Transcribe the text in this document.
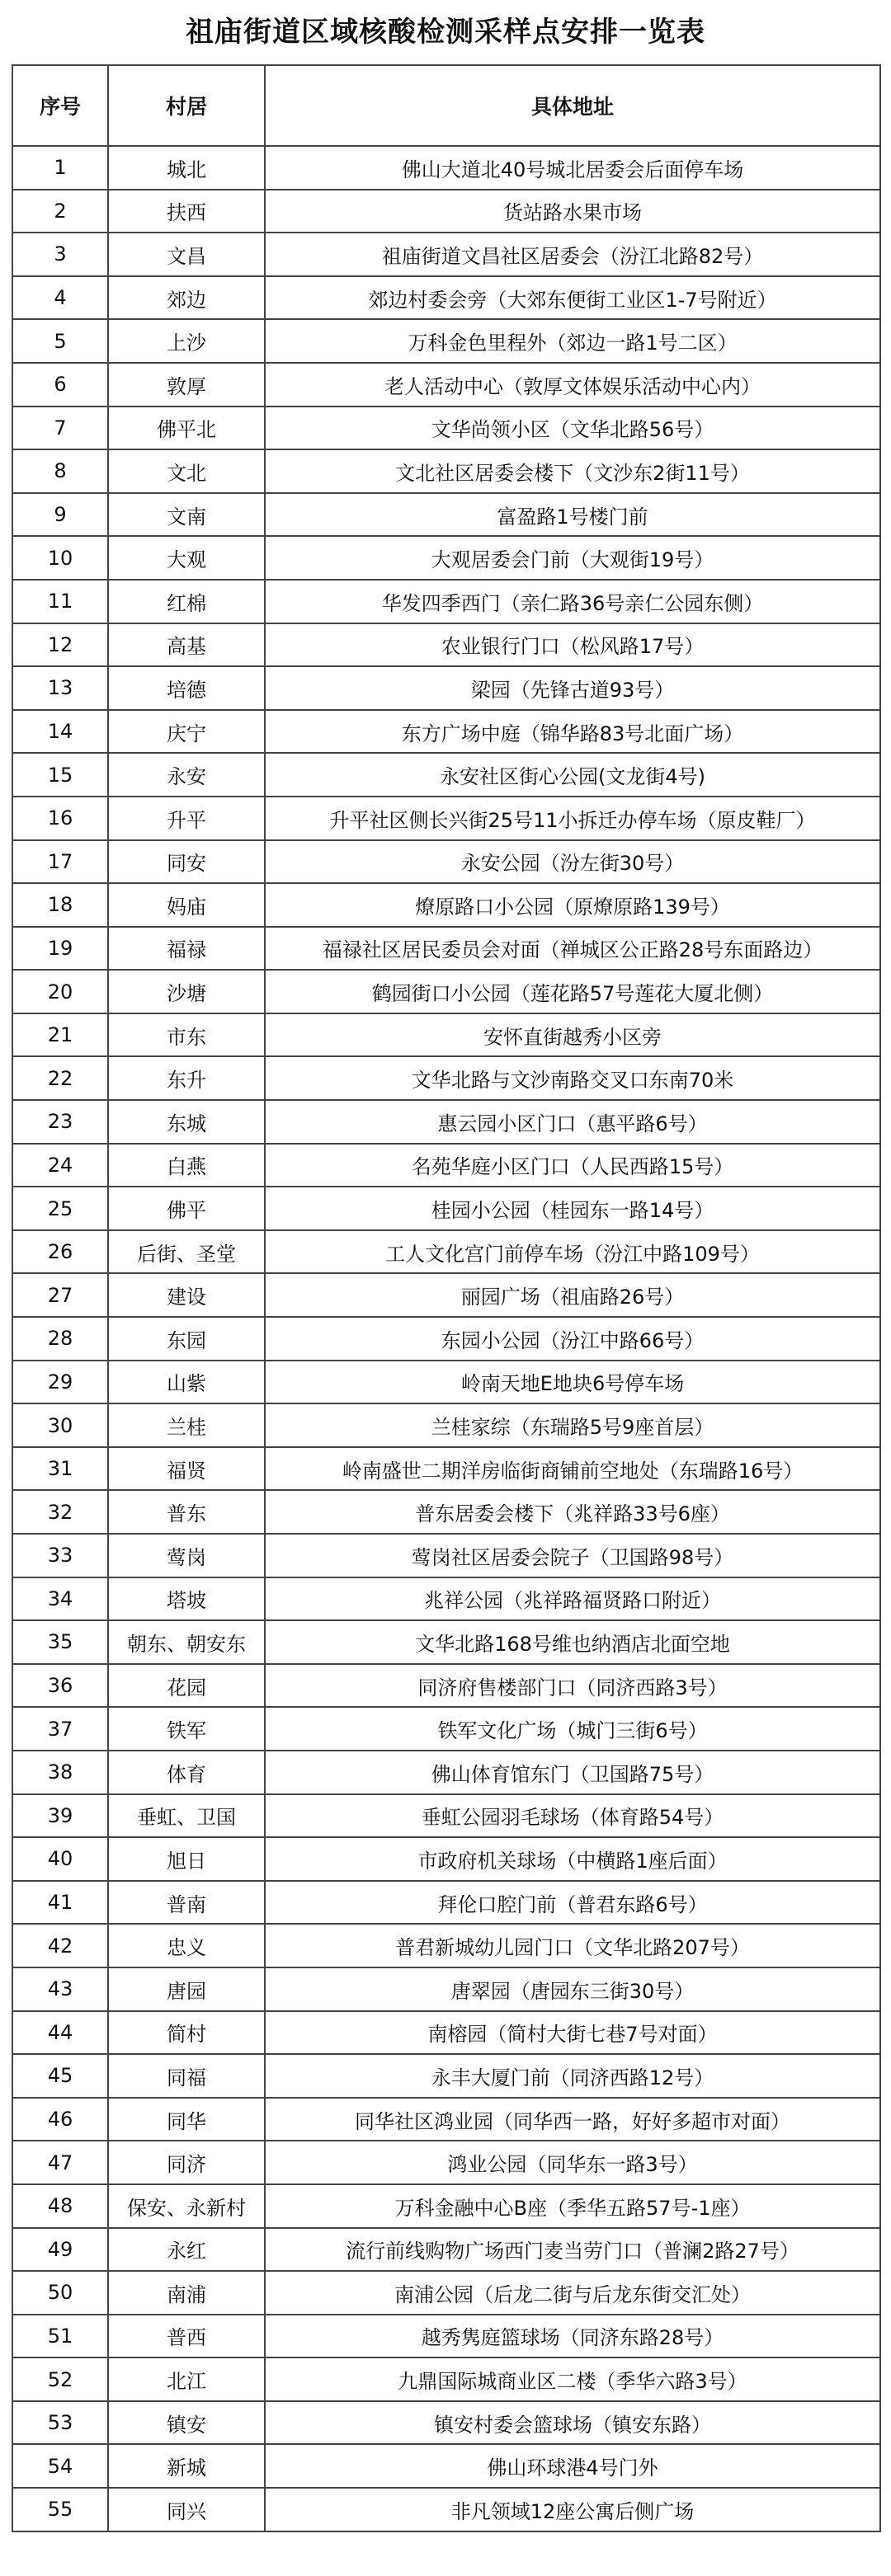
祖庙街道区域核酸检测采样点安排一览表
序号	村居	具体地址
1	城北	佛山大道北40号城北居委会后面停车场
2	扶西	货站路水果市场
3	文昌	祖庙街道文昌社区居委会（汾江北路82号）
4	郊边	郊边村委会旁（大郊东便街工业区1-7号附近）
5	上沙	万科金色里程外（郊边一路1号二区）
6	敦厚	老人活动中心（敦厚文体娱乐活动中心内）
7	佛平北	文华尚领小区（文华北路56号）
8	文北	文北社区居委会楼下（文沙东2街11号）
9	文南	富盈路1号楼门前
10	大观	大观居委会门前（大观街19号）
11	红棉	华发四季西门（亲仁路36号亲仁公园东侧）
12	高基	农业银行门口（松风路17号）
13	培德	梁园（先锋古道93号）
14	庆宁	东方广场中庭（锦华路83号北面广场）
15	永安	永安社区街心公园(文龙街4号)
16	升平	升平社区侧长兴街25号11小拆迁办停车场（原皮鞋厂）
17	同安	永安公园（汾左街30号）
18	妈庙	燎原路口小公园（原燎原路139号）
19	福禄	福禄社区居民委员会对面（禅城区公正路28号东面路边）
20	沙塘	鹤园街口小公园（莲花路57号莲花大厦北侧）
21	市东	安怀直街越秀小区旁
22	东升	文华北路与文沙南路交叉口东南70米
23	东城	惠云园小区门口（惠平路6号）
24	白燕	名苑华庭小区门口（人民西路15号）
25	佛平	桂园小公园（桂园东一路14号）
26	后街、圣堂	工人文化宫门前停车场（汾江中路109号）
27	建设	丽园广场（祖庙路26号）
28	东园	东园小公园（汾江中路66号）
29	山紫	岭南天地E地块6号停车场
30	兰桂	兰桂家综（东瑞路5号9座首层）
31	福贤	岭南盛世二期洋房临街商铺前空地处（东瑞路16号）
32	普东	普东居委会楼下（兆祥路33号6座）
33	莺岗	莺岗社区居委会院子（卫国路98号）
34	塔坡	兆祥公园（兆祥路福贤路口附近）
35	朝东、朝安东	文华北路168号维也纳酒店北面空地
36	花园	同济府售楼部门口（同济西路3号）
37	铁军	铁军文化广场（城门三街6号）
38	体育	佛山体育馆东门（卫国路75号）
39	垂虹、卫国	垂虹公园羽毛球场（体育路54号）
40	旭日	市政府机关球场（中横路1座后面）
41	普南	拜伦口腔门前（普君东路6号）
42	忠义	普君新城幼儿园门口（文华北路207号）
43	唐园	唐翠园（唐园东三街30号）
44	简村	南榕园（简村大街七巷7号对面）
45	同福	永丰大厦门前（同济西路12号）
46	同华	同华社区鸿业园（同华西一路，好好多超市对面）
47	同济	鸿业公园（同华东一路3号）
48	保安、永新村	万科金融中心B座（季华五路57号-1座）
49	永红	流行前线购物广场西门麦当劳门口（普澜2路27号）
50	南浦	南浦公园（后龙二街与后龙东街交汇处）
51	普西	越秀隽庭篮球场（同济东路28号）
52	北江	九鼎国际城商业区二楼（季华六路3号）
53	镇安	镇安村委会篮球场（镇安东路）
54	新城	佛山环球港4号门外
55	同兴	非凡领域12座公寓后侧广场
